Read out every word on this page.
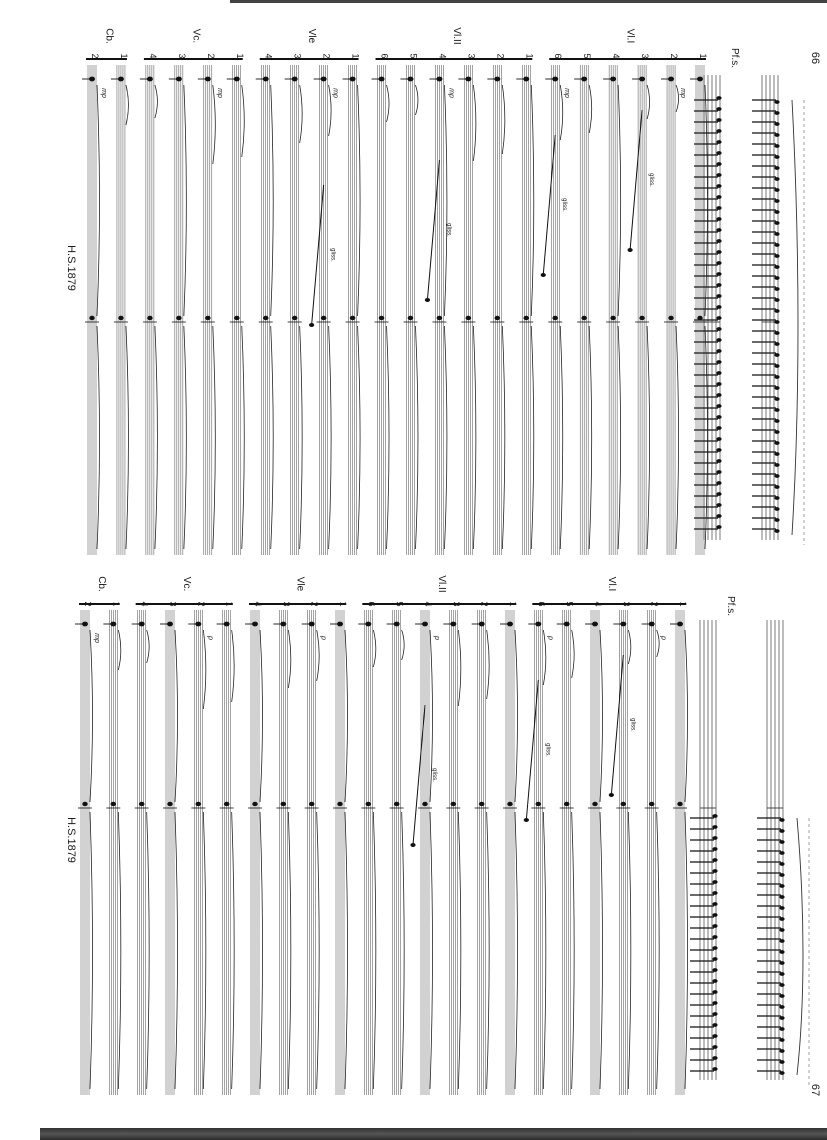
66
H.S.1879
Pf.s.
gliss.
gliss.
gliss.
gliss.
mp
mp
mp
mp
mp
mp
Vl.I
1
2
3
4
5
6
Vl.II
1
2
3
4
5
6
Vle
1
2
3
4
Vc.
1
2
3
4
Cb.
1
2
67
H.S.1879
Pf.s.
gliss.
gliss.
gliss.
p
p
p
p
p
mp
Vl.I
1
2
3
4
5
6
Vl.II
1
2
3
4
5
6
Vle
1
2
3
4
Vc.
1
2
3
4
Cb.
1
2
